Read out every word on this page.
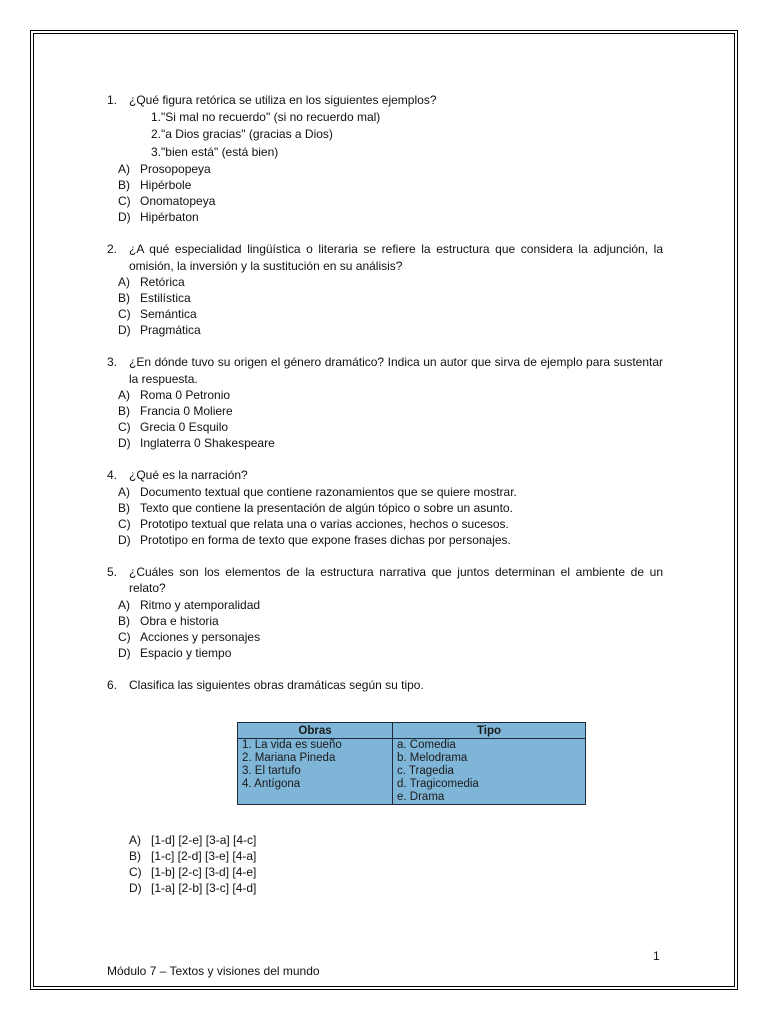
1. ¿Qué figura retórica se utiliza en los siguientes ejemplos?
1."Si mal no recuerdo" (si no recuerdo mal)
2."a Dios gracias" (gracias a Dios)
3."bien está" (está bien)
A) Prosopopeya
B) Hipérbole
C) Onomatopeya
D) Hipérbaton
2. ¿A qué especialidad lingüística o literaria se refiere la estructura que considera la adjunción, la omisión, la inversión y la sustitución en su análisis?
A) Retórica
B) Estilística
C) Semántica
D) Pragmática
3. ¿En dónde tuvo su origen el género dramático? Indica un autor que sirva de ejemplo para sustentar la respuesta.
A) Roma 0 Petronio
B) Francia 0 Moliere
C) Grecia 0 Esquilo
D) Inglaterra 0 Shakespeare
4. ¿Qué es la narración?
A) Documento textual que contiene razonamientos que se quiere mostrar.
B) Texto que contiene la presentación de algún tópico o sobre un asunto.
C) Prototipo textual que relata una o varias acciones, hechos o sucesos.
D) Prototipo en forma de texto que expone frases dichas por personajes.
5. ¿Cuáles son los elementos de la estructura narrativa que juntos determinan el ambiente de un relato?
A) Ritmo y atemporalidad
B) Obra e historia
C) Acciones y personajes
D) Espacio y tiempo
6. Clasifica las siguientes obras dramáticas según su tipo.
Obras	Tipo
1. La vida es sueño	a. Comedia
2. Mariana Pineda	b. Melodrama
3. El tartufo	c. Tragedia
4. Antígona	d. Tragicomedia
	e. Drama
A) [1-d] [2-e] [3-a] [4-c]
B) [1-c] [2-d] [3-e] [4-a]
C) [1-b] [2-c] [3-d] [4-e]
D) [1-a] [2-b] [3-c] [4-d]
1
Módulo 7 – Textos y visiones del mundo
